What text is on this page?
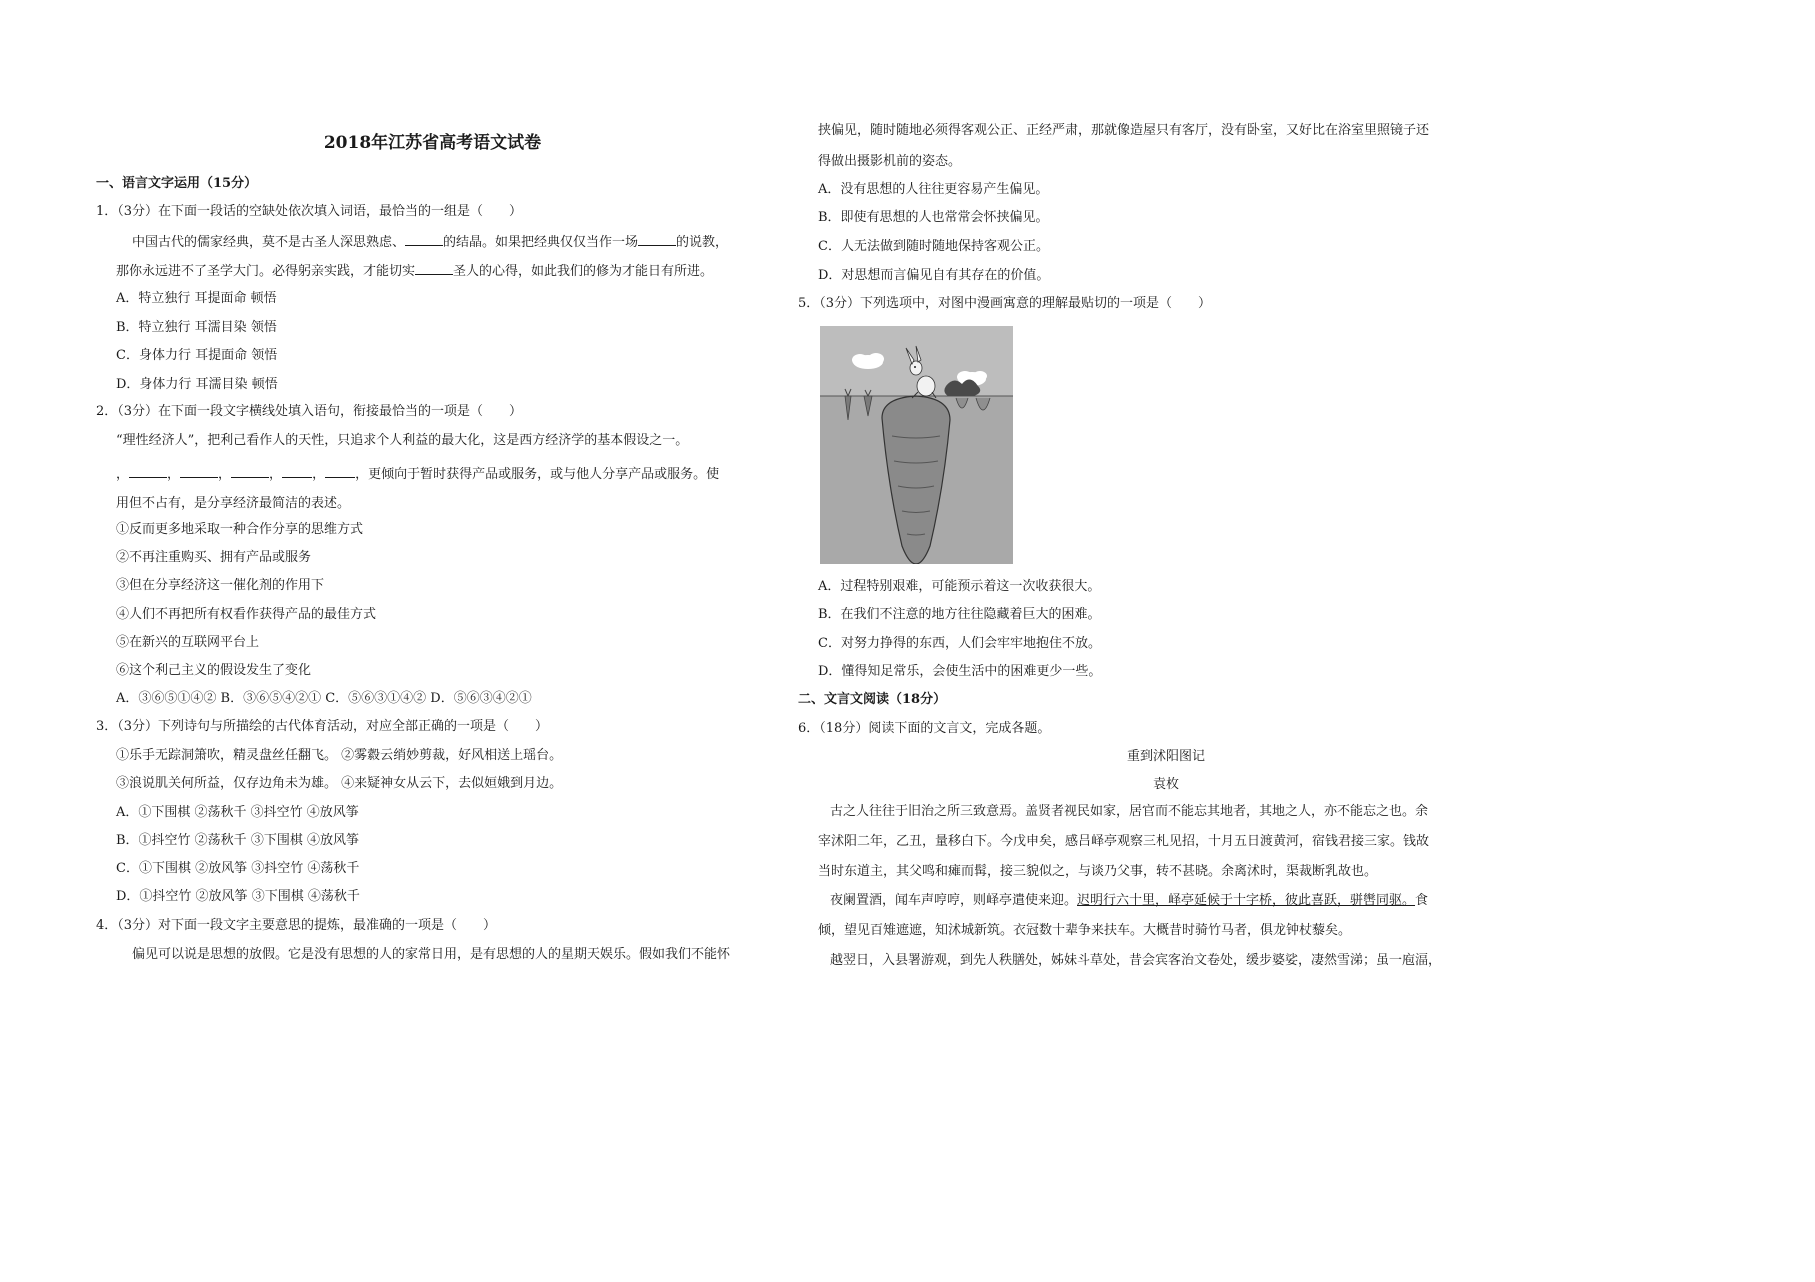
2018年江苏省高考语文试卷
一、语言文字运用（15分）
1．（3分）在下面一段话的空缺处依次填入词语，最恰当的一组是（　　）
中国古代的儒家经典，莫不是古圣人深思熟虑、	的结晶。如果把经典仅仅当作一场	的说教，
那你永远进不了圣学大门。必得躬亲实践，才能切实	圣人的心得，如此我们的修为才能日有所进。
A．特立独行 耳提面命 顿悟
B．特立独行 耳濡目染 领悟
C．身体力行 耳提面命 领悟
D．身体力行 耳濡目染 顿悟
2．（3分）在下面一段文字横线处填入语句，衔接最恰当的一项是（　　）
“理性经济人”，把利己看作人的天性，只追求个人利益的最大化，这是西方经济学的基本假设之一。
，	，	，	， ， ，更倾向于暂时获得产品或服务，或与他人分享产品或服务。使
用但不占有，是分享经济最简洁的表述。
①反而更多地采取一种合作分享的思维方式
②不再注重购买、拥有产品或服务
③但在分享经济这一催化剂的作用下
④人们不再把所有权看作获得产品的最佳方式
⑤在新兴的互联网平台上
⑥这个利己主义的假设发生了变化
A．③⑥⑤①④② B．③⑥⑤④②① C．⑤⑥③①④② D．⑤⑥③④②①
3．（3分）下列诗句与所描绘的古代体育活动，对应全部正确的一项是（　　）
①乐手无踪洞箫吹，精灵盘丝任翻飞。 ②雾縠云绡妙剪裁，好风相送上瑶台。
③浪说肌关何所益，仅存边角未为雄。 ④来疑神女从云下，去似姮娥到月边。
A．①下围棋 ②荡秋千 ③抖空竹 ④放风筝
B．①抖空竹 ②荡秋千 ③下围棋 ④放风筝
C．①下围棋 ②放风筝 ③抖空竹 ④荡秋千
D．①抖空竹 ②放风筝 ③下围棋 ④荡秋千
4．（3分）对下面一段文字主要意思的提炼，最准确的一项是（　　）
偏见可以说是思想的放假。它是没有思想的人的家常日用，是有思想的人的星期天娱乐。假如我们不能怀
挟偏见，随时随地必须得客观公正、正经严肃，那就像造屋只有客厅，没有卧室，又好比在浴室里照镜子还
得做出摄影机前的姿态。
A．没有思想的人往往更容易产生偏见。
B．即使有思想的人也常常会怀挟偏见。
C．人无法做到随时随地保持客观公正。
D．对思想而言偏见自有其存在的价值。
5．（3分）下列选项中，对图中漫画寓意的理解最贴切的一项是（　　）
A．过程特别艰难，可能预示着这一次收获很大。
B．在我们不注意的地方往往隐藏着巨大的困难。
C．对努力挣得的东西，人们会牢牢地抱住不放。
D．懂得知足常乐，会使生活中的困难更少一些。
二、文言文阅读（18分）
6．（18分）阅读下面的文言文，完成各题。
重到沭阳图记
袁枚
古之人往往于旧治之所三致意焉。盖贤者视民如家，居官而不能忘其地者，其地之人，亦不能忘之也。余
宰沭阳二年，乙丑，量移白下。今戊申矣，感吕峄亭观察三札见招，十月五日渡黄河，宿钱君接三家。钱故
当时东道主，其父鸣和瘫而髯，接三貌似之，与谈乃父事，转不甚晓。余离沭时，渠裁断乳故也。
夜阑置酒，闻车声哼哼，则峄亭遣使来迎。迟明行六十里，峄亭延候于十字桥，彼此喜跃，骈辔同驱。食
倾，望见百雉遮遮，知沭城新筑。衣冠数十辈争来扶车。大概昔时骑竹马者，俱龙钟杖藜矣。
越翌日，入县署游观，到先人秩膳处，姊妹斗草处，昔会宾客治文卷处，缓步婆娑，凄然雪涕；虽一庖湢，
